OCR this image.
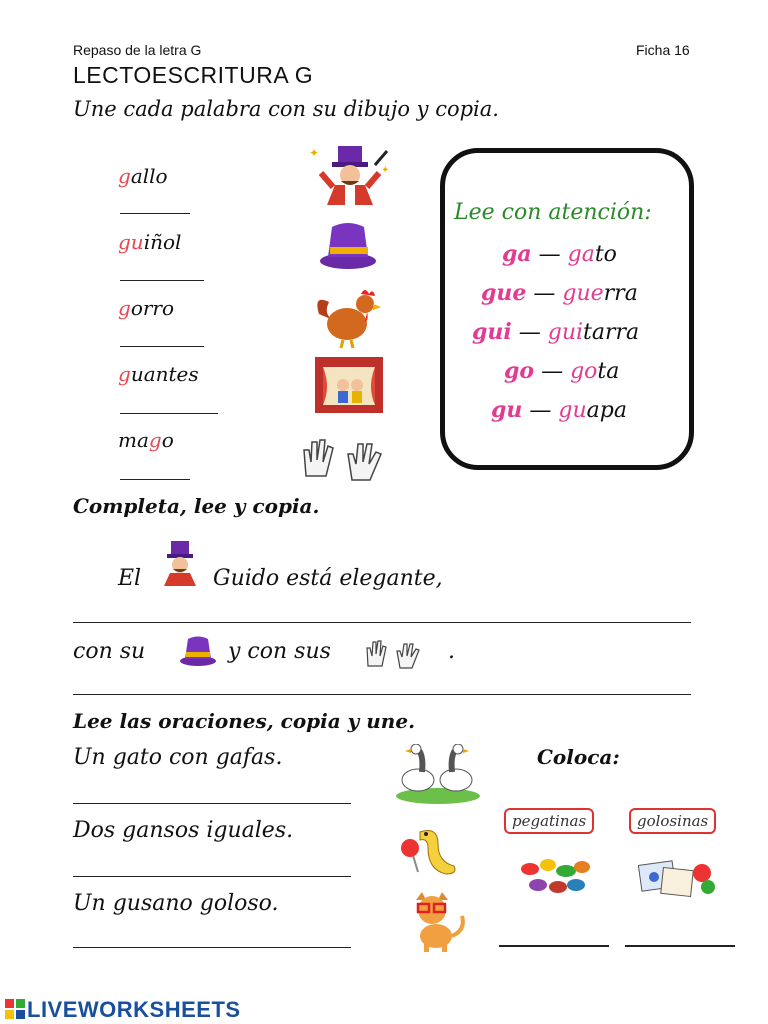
Repaso de la letra G	Ficha 16
LECTOESCRITURA G
Une cada palabra con su dibujo y copia.
gallo
guiñol
gorro
guantes
mago
✦
✦
Lee con atención:
ga — gato
gue — guerra
gui — guitarra
go — gota
gu — guapa
Completa, lee y copia.
El	Guido está elegante,
con su	y con sus	.
Lee las oraciones, copia y une.
Un gato con gafas.
Dos gansos iguales.
Un gusano goloso.
Coloca:
pegatinas	golosinas
LIVEWORKSHEETS
